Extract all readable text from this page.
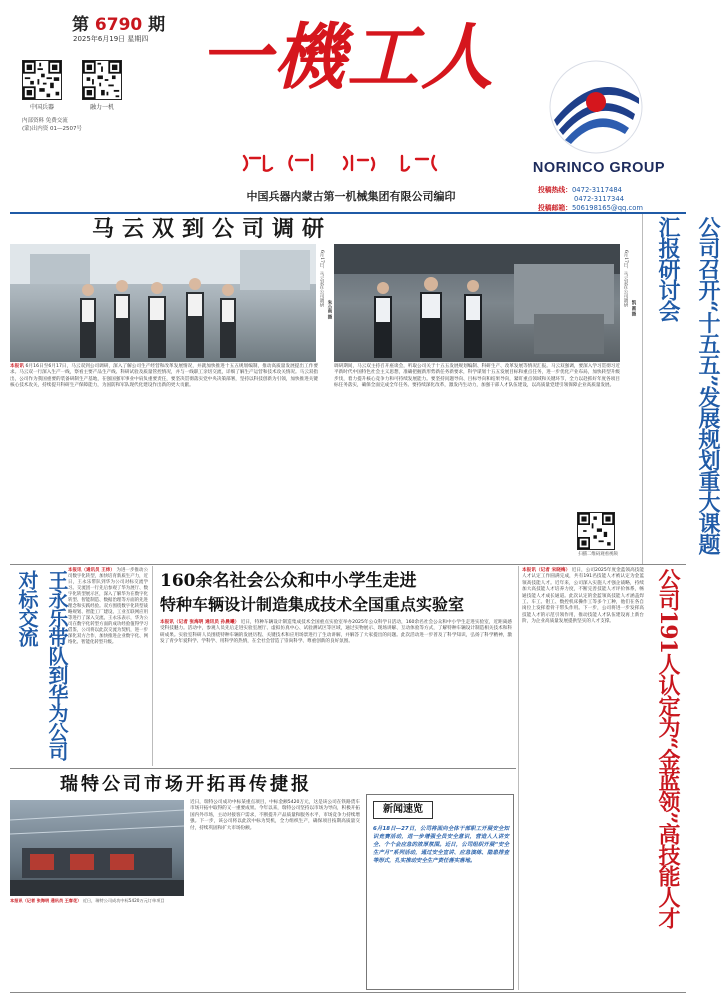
第 6790 期
2025年6月19日 星期四
中国兵器	融力一机
内部资料 免费交流
(蒙)出内资 01—2507号
一機工人
中国兵器内蒙古第一机械集团有限公司编印
NORINCO GROUP
投稿热线：0472-3117484
0472-3117344
投稿邮箱：506198165@qq.com
马云双到公司调研
6月17日，马云双在公司调研
朱小雨 摄
6月17日，马云双在公司调研
凯 圆 摄
本报讯 6月16日至6月17日，马云双到公司调研，深入了解公司生产经营和改革发展情况，并就加快推进十五五规划编制，推动高质量发展提出工作要求。马云双一行深入生产一线，察看主要产品生产线、科研试验及质量管控情况，并与一线职工亲切交流，详细了解生产运营和技术攻关情况。马云双指出，公司作为我国重要的装备研制生产基地，在强国强军事业中肩负重要责任，要坚决贯彻落实党中央决策部署，坚持以科技创新为引领，加快推进关键核心技术攻关，持续提升科研生产保障能力，为国防和军队现代化建设作出新的更大贡献。
调研期间，马云双主持召开座谈会，听取公司关于十五五发展规划编制、科研生产、改革发展等情况汇报。马云双强调，要深入学习贯彻习近平新时代中国特色社会主义思想，准确把握新形势新任务新要求，科学谋划十五五发展目标和重点任务，进一步优化产业布局，加快转型升级步伐，着力提升核心竞争力和可持续发展能力。要坚持问题导向、目标导向和结果导向，紧盯重点领域和关键环节，全力以赴抓好年度各项目标任务落实，确保全面完成全年任务。要持续深化改革，激发内生动力，加强干部人才队伍建设，以高质量党建引领保障企业高质量发展。
扫描二维码观看视频
公司召开“十五五”发展规划重大课题汇报研讨会
王永乐带队到华为公司对标交流	本报讯（通讯员 王炜） 为进一步推动公司数字化转型，加快培育新质生产力，近日，王永乐带队到华为公司对标交流学习。交流团一行先后参观了华为展厅、数字化转型展示区，深入了解华为在数字化转型、智能制造、数据治理等方面的先进理念和实践经验。双方围绕数字化转型战略规划、智能工厂建设、工业互联网应用等进行了深入交流。王永乐表示，华为公司在数字化转型方面的成功经验值得学习借鉴，公司将以此次交流为契机，进一步深化双方合作，加快推进企业数字化、网络化、智能化转型升级。
160余名社会公众和中小学生走进
特种车辆设计制造集成技术全国重点实验室
本报讯（记者 张海明 通讯员 孙晨曦） 近日，特种车辆设计制造集成技术全国重点实验室举办2025年公众科学日活动，160余名社会公众和中小学生走进实验室，近距离感受科技魅力。活动中，参观人员先后走进实验室展厅、虚拟仿真中心、试验测试区等区域，通过实物展示、现场讲解、互动体验等方式，了解特种车辆设计制造相关技术和科研成果。实验室科研人员围绕特种车辆的发展历程、关键技术和应用场景进行了生动讲解，并解答了大家提出的问题。此次活动进一步普及了科学知识，弘扬了科学精神，激发了青少年爱科学、学科学、用科学的热情，在全社会营造了崇尚科学、尊重创新的良好氛围。
本报讯（记者 宋晓梅） 近日，公司2025年度金蓝领高技能人才认定工作圆满完成，共有191名技能人才被认定为金蓝领高技能人才。近年来，公司深入实施人才强企战略，持续加大高技能人才培养力度，不断完善技能人才评价体系，畅通技能人才成长通道。此次认定的金蓝领高技能人才涵盖焊工、车工、钳工、数控机床操作工等多个工种，他们在各自岗位上发挥着骨干带头作用。下一步，公司将进一步发挥高技能人才的示范引领作用，推动技能人才队伍建设再上新台阶，为企业高质量发展提供坚实的人才支撑。	公司191人认定为“金蓝领”高技能人才
瑞特公司市场开拓再传捷报
本报讯（记者 张海明 通讯员 王春花） 近日，瑞特公司成功中标5420万元订单项目
近日，瑞特公司成功中标某重点项目，中标金额5420万元，这是该公司在铁路货车市场开拓中取得的又一重要成果。今年以来，瑞特公司坚持以市场为导向，积极开拓国内外市场，主动对接客户需求，不断提升产品质量和服务水平，市场竞争力持续增强。下一步，该公司将以此次中标为契机，全力组织生产，确保项目按期高质量交付，持续巩固和扩大市场份额。
新闻速览
6月18日—27日，公司将面向全体干部职工开展安全知识竞赛活动，进一步增强全员安全意识，营造人人讲安全、个个会应急的浓厚氛围。近日，公司组织开展“安全生产月”系列活动，通过安全宣讲、应急演练、隐患排查等形式，扎实推动安全生产责任落实落地。
